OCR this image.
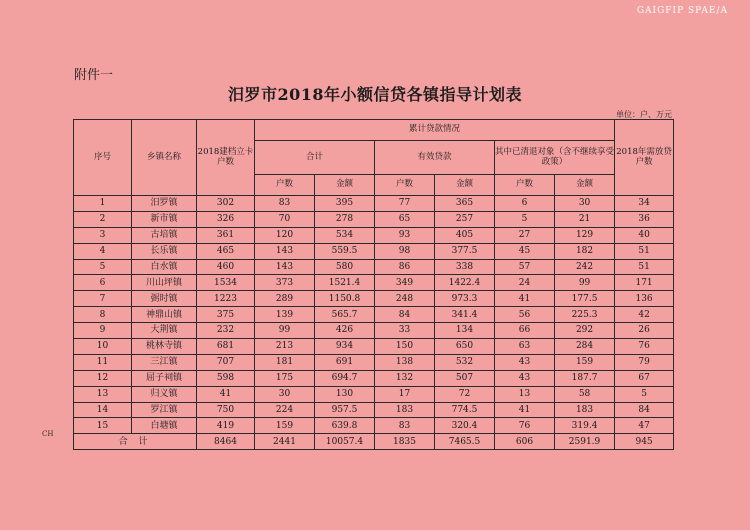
GAIGFIP SPAE/A
附件一
汨罗市2018年小额信贷各镇指导计划表
单位：户、万元
CH
序号	乡镇名称	2018建档立卡户数	累计贷款情况						2018年需放贷户数
			合计		有效贷款		其中已清退对象（含不继续享受政策）		
			户数	金额	户数	金额	户数	金额	
1	汨罗镇	302	83	395	77	365	6	30	34
2	新市镇	326	70	278	65	257	5	21	36
3	古培镇	361	120	534	93	405	27	129	40
4	长乐镇	465	143	559.5	98	377.5	45	182	51
5	白水镇	460	143	580	86	338	57	242	51
6	川山坪镇	1534	373	1521.4	349	1422.4	24	99	171
7	弼时镇	1223	289	1150.8	248	973.3	41	177.5	136
8	神鼎山镇	375	139	565.7	84	341.4	56	225.3	42
9	大荆镇	232	99	426	33	134	66	292	26
10	桃林寺镇	681	213	934	150	650	63	284	76
11	三江镇	707	181	691	138	532	43	159	79
12	屈子祠镇	598	175	694.7	132	507	43	187.7	67
13	归义镇	41	30	130	17	72	13	58	5
14	罗江镇	750	224	957.5	183	774.5	41	183	84
15	白塘镇	419	159	639.8	83	320.4	76	319.4	47
合 计		8464	2441	10057.4	1835	7465.5	606	2591.9	945
